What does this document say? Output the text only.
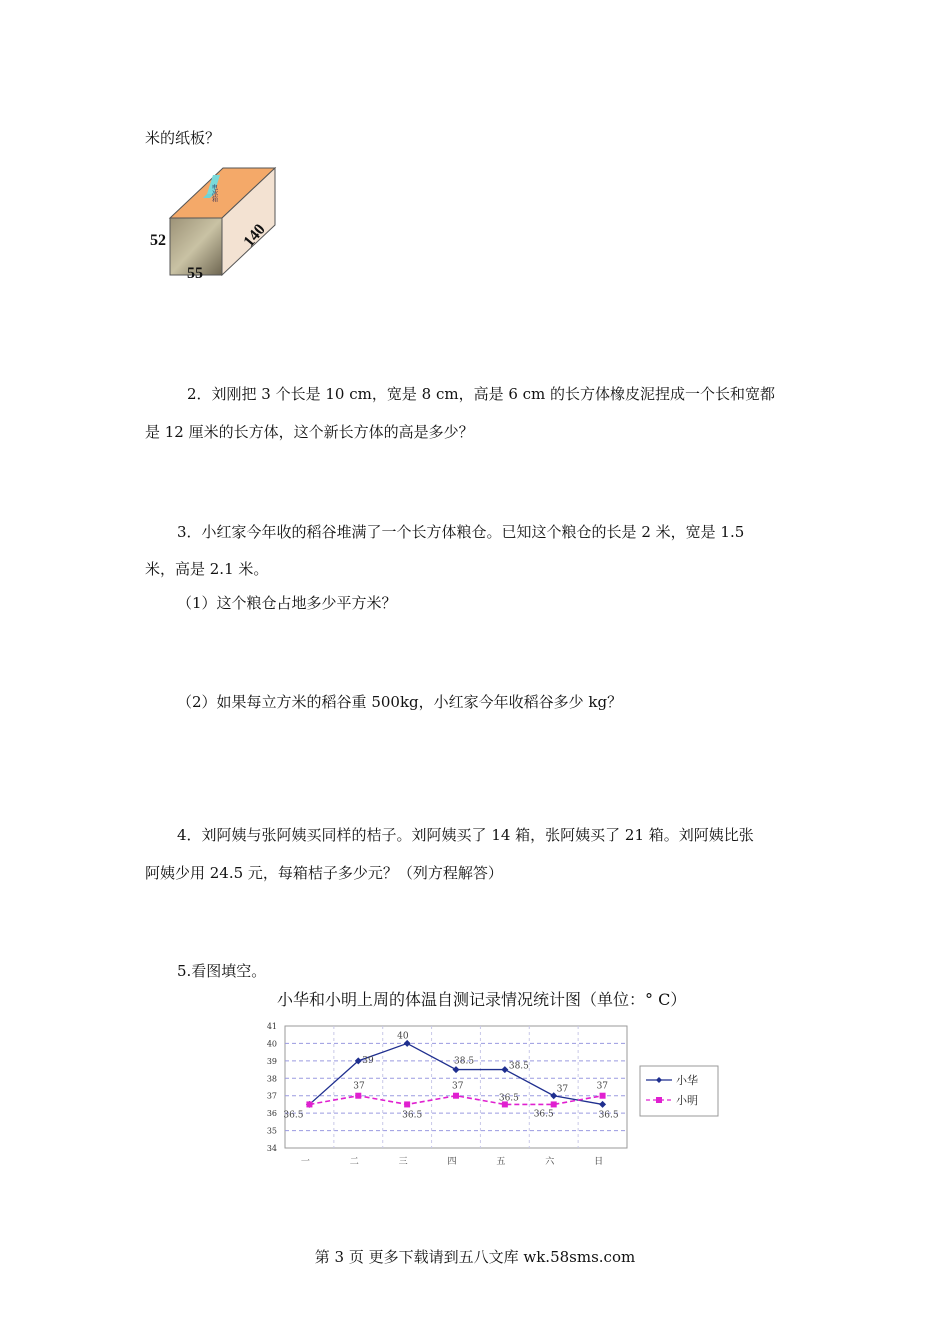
米的纸板？
电冰箱
52
55
140
2．刘刚把 3 个长是 10 cm，宽是 8 cm，高是 6 cm 的长方体橡皮泥捏成一个长和宽都
是 12 厘米的长方体，这个新长方体的高是多少？
3．小红家今年收的稻谷堆满了一个长方体粮仓。已知这个粮仓的长是 2 米，宽是 1.5
米，高是 2.1 米。
（1）这个粮仓占地多少平方米？
（2）如果每立方米的稻谷重 500kg，小红家今年收稻谷多少 kg？
4．刘阿姨与张阿姨买同样的桔子。刘阿姨买了 14 箱，张阿姨买了 21 箱。刘阿姨比张
阿姨少用 24.5 元，每箱桔子多少元？（列方程解答）
5.看图填空。
小华和小明上周的体温自测记录情况统计图（单位：° C）
34
35
36
37
38
39
40
41
一	二	三	四	五	六	日
36.5
39
40
38.5	38.5
37
36.5
37
36.5
37
36.5
36.5
37	小华
小明
第 3 页 更多下载请到五八文库 wk.58sms.com
